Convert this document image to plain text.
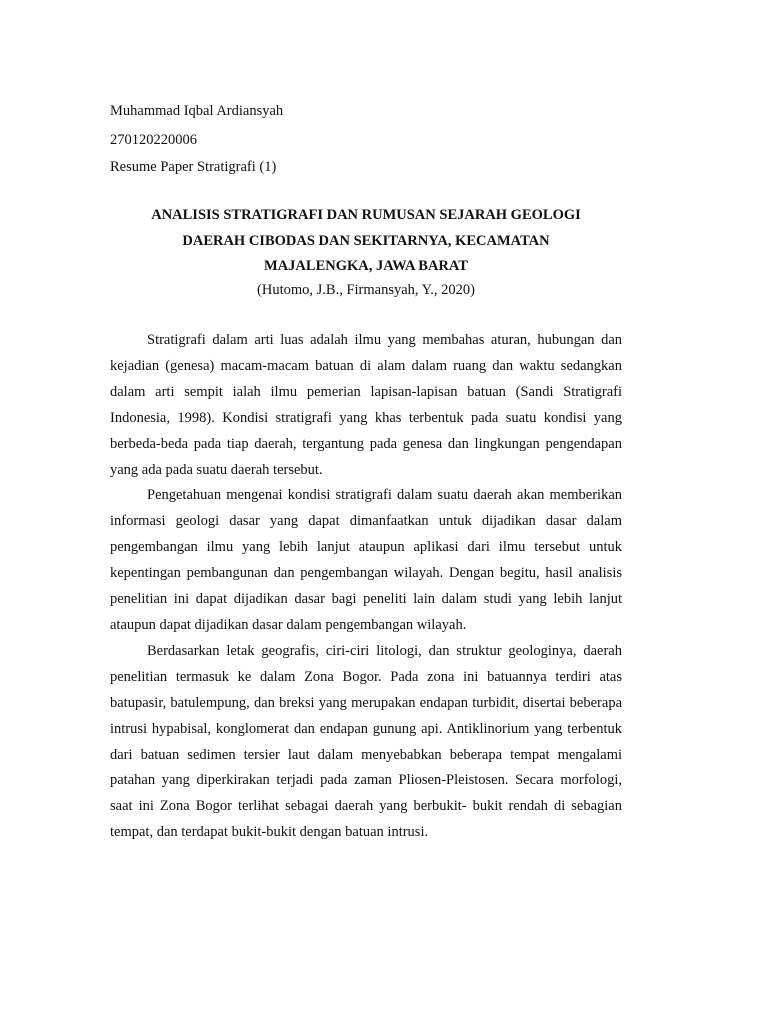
Muhammad Iqbal Ardiansyah
270120220006
Resume Paper Stratigrafi (1)
ANALISIS STRATIGRAFI DAN RUMUSAN SEJARAH GEOLOGI
DAERAH CIBODAS DAN SEKITARNYA, KECAMATAN
MAJALENGKA, JAWA BARAT
(Hutomo, J.B., Firmansyah, Y., 2020)

Stratigrafi dalam arti luas adalah ilmu yang membahas aturan, hubungan dan kejadian (genesa) macam-macam batuan di alam dalam ruang dan waktu sedangkan dalam arti sempit ialah ilmu pemerian lapisan-lapisan batuan (Sandi Stratigrafi Indonesia, 1998). Kondisi stratigrafi yang khas terbentuk pada suatu kondisi yang berbeda-beda pada tiap daerah, tergantung pada genesa dan lingkungan pengendapan yang ada pada suatu daerah tersebut.

Pengetahuan mengenai kondisi stratigrafi dalam suatu daerah akan memberikan informasi geologi dasar yang dapat dimanfaatkan untuk dijadikan dasar dalam pengembangan ilmu yang lebih lanjut ataupun aplikasi dari ilmu tersebut untuk kepentingan pembangunan dan pengembangan wilayah. Dengan begitu, hasil analisis penelitian ini dapat dijadikan dasar bagi peneliti lain dalam studi yang lebih lanjut ataupun dapat dijadikan dasar dalam pengembangan wilayah.

Berdasarkan letak geografis, ciri-ciri litologi, dan struktur geologinya, daerah penelitian termasuk ke dalam Zona Bogor. Pada zona ini batuannya terdiri atas batupasir, batulempung, dan breksi yang merupakan endapan turbidit, disertai beberapa intrusi hypabisal, konglomerat dan endapan gunung api. Antiklinorium yang terbentuk dari batuan sedimen tersier laut dalam menyebabkan beberapa tempat mengalami patahan yang diperkirakan terjadi pada zaman Pliosen-Pleistosen. Secara morfologi, saat ini Zona Bogor terlihat sebagai daerah yang berbukit- bukit rendah di sebagian tempat, dan terdapat bukit-bukit dengan batuan intrusi.
